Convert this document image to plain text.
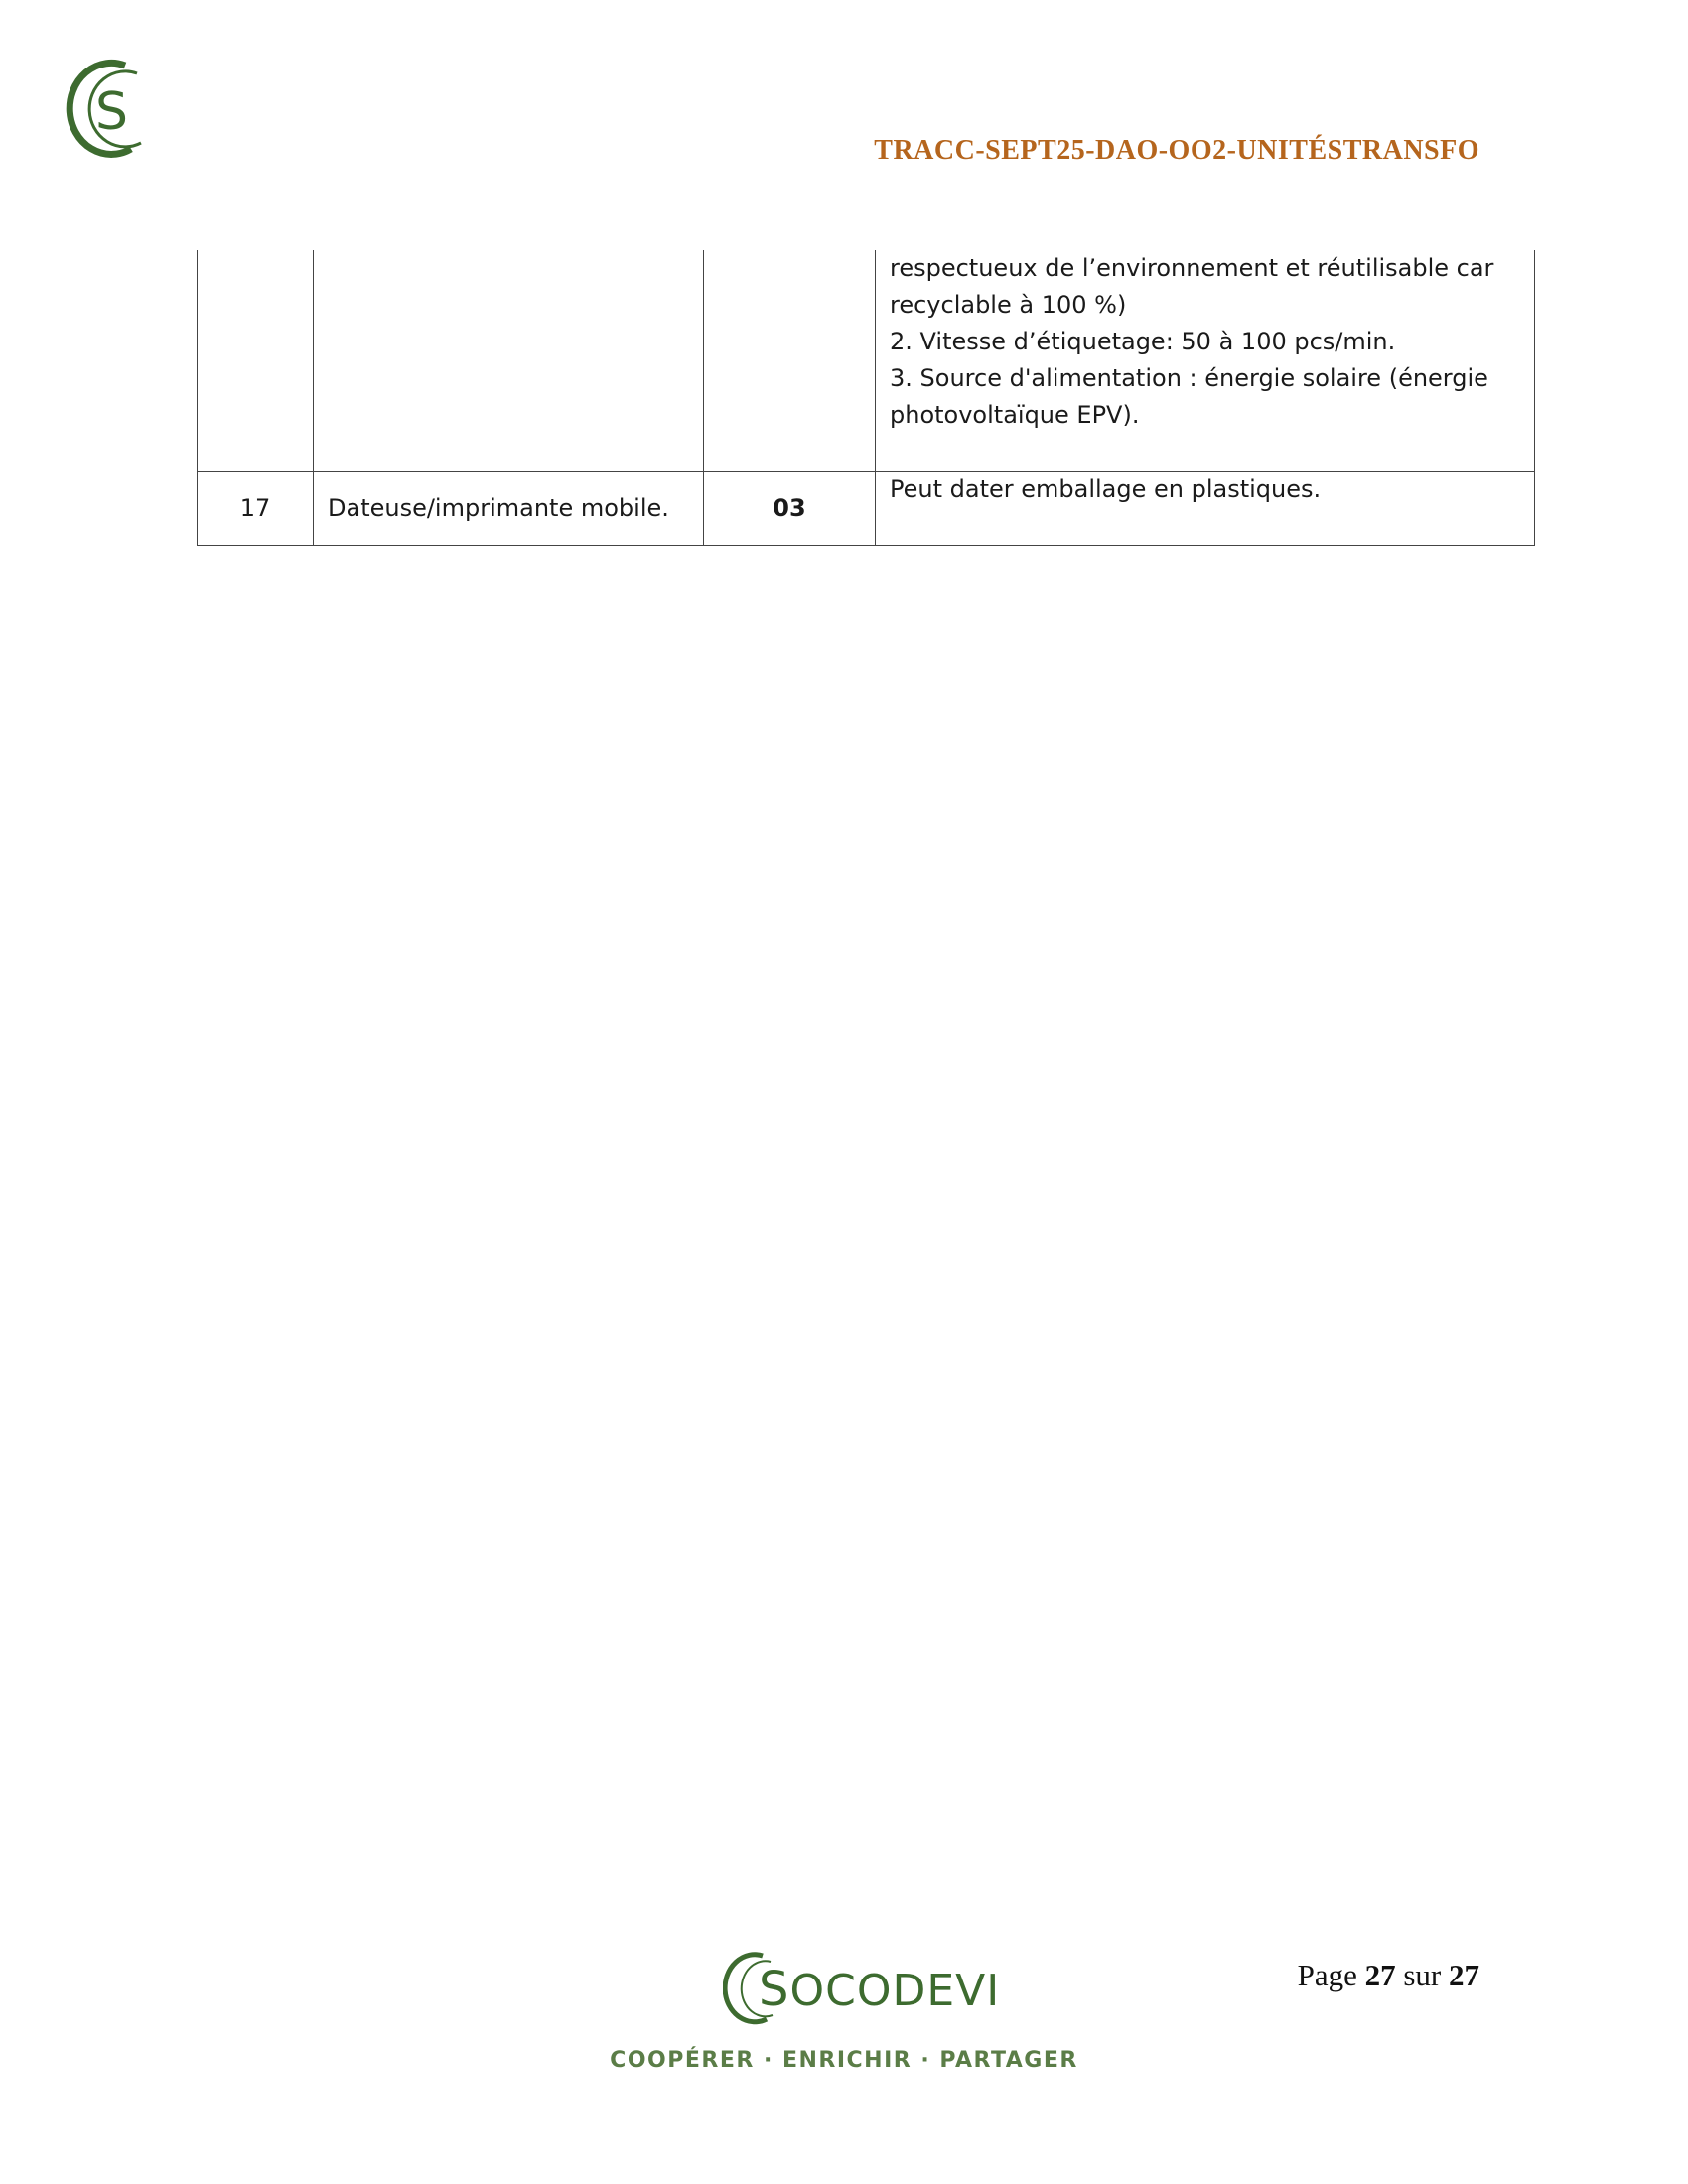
S
TRACC-SEPT25-DAO-OO2-UNITÉSTRANSFO

			respectueux de l’environnement et réutilisable car
recyclable à 100 %)
2. Vitesse d’étiquetage: 50 à 100 pcs/min.
3. Source d'alimentation : énergie solaire (énergie
photovoltaïque EPV).

17	Dateuse/imprimante mobile.	03	Peut dater emballage en plastiques.
SOCODEVI
COOPÉRER · ENRICHIR · PARTAGER
Page 27 sur 27
